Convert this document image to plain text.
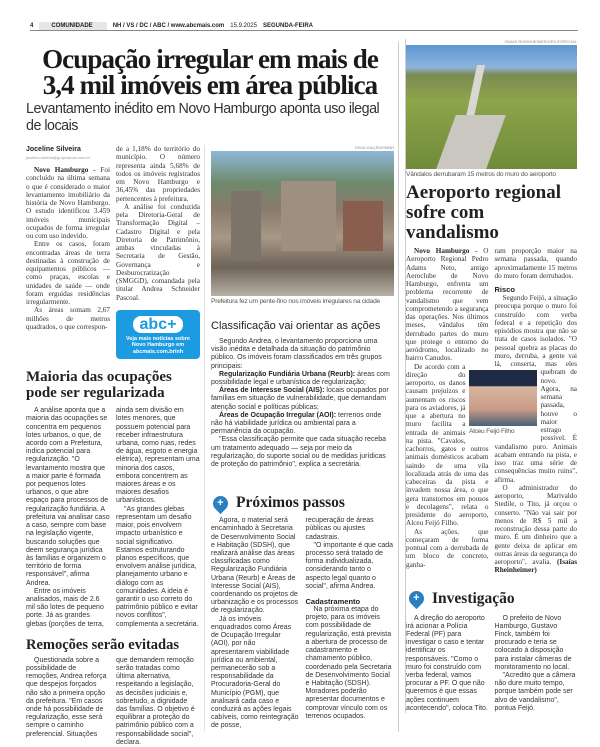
4	COMUNIDADE	NH / VS / DC / ABC / www.abcmais.com 15.9.2025 SEGUNDA-FEIRA
Ocupação irregular em mais de
3,4 mil imóveis em área pública
Levantamento inédito em Novo Hamburgo aponta uso ilegal de locais
Joceline Silveira
joceline.silveira@gruposinos.com.br

Novo Hamburgo - Foi concluído na última semana o que é considerado o maior levantamento imobiliário da história de Novo Hamburgo. O estudo identificou 3.459 imóveis municipais ocupados de forma irregular ou com uso indevido.

Entre os casos, foram encontradas áreas de terra destinadas à construção de equipamentos públicos — como praças, escolas e unidades de saúde — onde foram erguidas residências irregularmente.

As áreas somam 2,67 milhões de metros quadrados, o que correspon-

de a 1,18% do território do município. O número representa ainda 5,68% de todos os imóveis registrados em Novo Hamburgo e 36,45% das propriedades pertencentes à prefeitura.

A análise foi conduzida pela Diretoria-Geral de Transformação Digital – Cadastro Digital e pela Diretoria de Patrimônio, ambas vinculadas à Secretaria de Gestão, Governança e Desburocratização (SMGGD), comandada pela titular Andrea Schneider Pascoal.

abc+
Veja mais notícias sobre
Novo Hamburgo em
abcmais.com.br/nh
Maioria das ocupações
pode ser regularizada

A análise aponta que a maioria das ocupações se concentra em pequenos lotes urbanos, o que, de acordo com a Prefeitura, indica potencial para regularização. "O levantamento mostra que a maior parte é formada por pequenos lotes urbanos, o que abre espaço para processos de regularização fundiária. A prefeitura vai analisar caso a caso, sempre com base na legislação vigente, buscando soluções que deem segurança jurídica às famílias e organizem o território de forma responsável", afirma Andrea.

Entre os imóveis analisados, mais de 2.6 mil são lotes de pequeno porte. Já as grandes glebas (porções de terra,

ainda sem divisão em lotes menores, que possuem potencial para receber infraestrutura urbana, como ruas, redes de água, esgoto e energia elétrica), representam uma minoria dos casos, embora concentrem as maiores áreas e os maiores desafios urbanísticos.

"As grandes glebas representam um desafio maior, pois envolvem impacto urbanístico e social significativo. Estamos estruturando planos específicos, que envolvem análise jurídica, planejamento urbano e diálogo com as comunidades. A ideia é garantir o uso correto do patrimônio público e evitar novos conflitos", complementa a secretária.

Remoções serão evitadas

Questionada sobre a possibilidade de remoções, Andrea reforça que despejos forçados não são a primeira opção da prefeitura. "Em casos onde há possibilidade de regularização, esse será sempre o caminho preferencial. Situações

que demandem remoção serão tratadas como última alternativa, respeitando a legislação, as decisões judiciais e, sobretudo, a dignidade das famílias. O objetivo é equilibrar a proteção do patrimônio público com a responsabilidade social", declara.

DIVULGAÇÃO/PMNH
Prefeitura fez um pente-fino nos imóveis irregulares na cidade
Classificação vai orientar as ações

Segundo Andrea, o levantamento proporciona uma visão inédita e detalhada da situação do patrimônio público. Os imóveis foram classificados em três grupos principais:

Regularização Fundiária Urbana (Reurb): áreas com possibilidade legal e urbanística de regularização;

Áreas de Interesse Social (AIS): locais ocupados por famílias em situação de vulnerabilidade, que demandam atenção social e políticas públicas;

Áreas de Ocupação Irregular (AOI): terrenos onde não há viabilidade jurídica ou ambiental para a permanência da ocupação.

"Essa classificação permite que cada situação receba um tratamento adequado — seja por meio da regularização, do suporte social ou de medidas jurídicas de proteção do patrimônio", explica a secretária.

+ Próximos passos

Agora, o material será encaminhado à Secretaria de Desenvolvimento Social e Habitação (SDSH), que realizará análise das áreas classificadas como Regularização Fundiária Urbana (Reurb) e Áreas de Interesse Social (AIS), coordenando os projetos de urbanização e os processos de regularização.

Já os imóveis enquadrados como Áreas de Ocupação Irregular (AOI), por não apresentarem viabilidade jurídica ou ambiental, permanecerão sob a responsabilidade da Procuradoria-Geral do Município (PGM), que analisará cada caso e conduzirá as ações legais cabíveis, como reintegração de posse,

recuperação de áreas públicas ou ajustes cadastrais.

"O importante é que cada processo será tratado de forma individualizada, considerando tanto o aspecto legal quanto o social", afirma Andrea.

Cadastramento

Na próxima etapa do projeto, para os imóveis com possibilidade de regularização, está prevista a abertura de processo de cadastramento e chamamento público, coordenado pela Secretaria de Desenvolvimento Social e Habitação (SDSH). Moradores poderão apresentar documentos e comprovar vínculo com os terrenos ocupados.

ISAÍAS RHEINHEIMER/GES-ESPECIAL
Vândalos derrubaram 15 metros do muro do aeroporto
Aeroporto regional
sofre com vandalismo

Novo Hamburgo - O Aeroporto Regional Pedro Adams Neto, antigo Aeroclube de Novo Hamburgo, enfrenta um problema recorrente de vandalismo que vem comprometendo a segurança das operações. Nos últimos meses, vândalos têm derrubado partes do muro que protege o entorno do aeródromo, localizado no bairro Canudos.

De acordo com a direção do aeroporto, os danos causam prejuízos e aumentam os riscos para os aviadores, já que a abertura no muro facilita a entrada de animais na pista. "Cavalos, cachorros, gatos e outros animais domésticos acabam saindo de uma vila localizada atrás de uma das cabeceiras da pista e invadem nossa área, o que gera transtornos em pousos e decolagens", relata o presidente do aeroporto, Alceu Feijó Filho.

As ações, que começaram de forma pontual com a derrubada de um bloco de concreto, ganha-

ram proporção maior na semana passada, quando aproximadamente 15 metros do muro foram derrubados.

Risco

Segundo Feijó, a situação preocupa porque o muro foi construído com verba federal e a repetição dos episódios mostra que não se trata de casos isolados. "O pessoal quebra as placas do muro, derruba, a gente vai lá, conserta, mas eles quebram de novo. Agora, na semana passada, houve o maior estrago possível. É vandalismo puro. Animais acabam entrando na pista, e isso traz uma série de consequências muito ruins", afirma.

O administrador do aeroporto, Marivaldo Stedile, o Tito, já orçou o conserto. "Não vai sair por menos de R$ 5 mil a reconstrução dessa parte do muro. É um dinheiro que a gente deixa de aplicar em outras áreas da segurança do aeroporto", avalia. (Isaías Rheinheimer)

Alceu Feijó Filho
+ Investigação

A direção do aeroporto irá acionar a Polícia Federal (PF) para investigar o caso e tentar identificar os responsáveis. "Como o muro foi construído com verba federal, vamos procurar a PF. O que não queremos é que essas ações continuem acontecendo", coloca Tito.

O prefeito de Novo Hamburgo, Gustavo Finck, também foi procurado e teria se colocado à disposição para instalar câmeras de monitoramento no local.

"Acredito que a câmera não dure muito tempo, porque também pode ser alvo de vandalismo", pontua Feijó.
